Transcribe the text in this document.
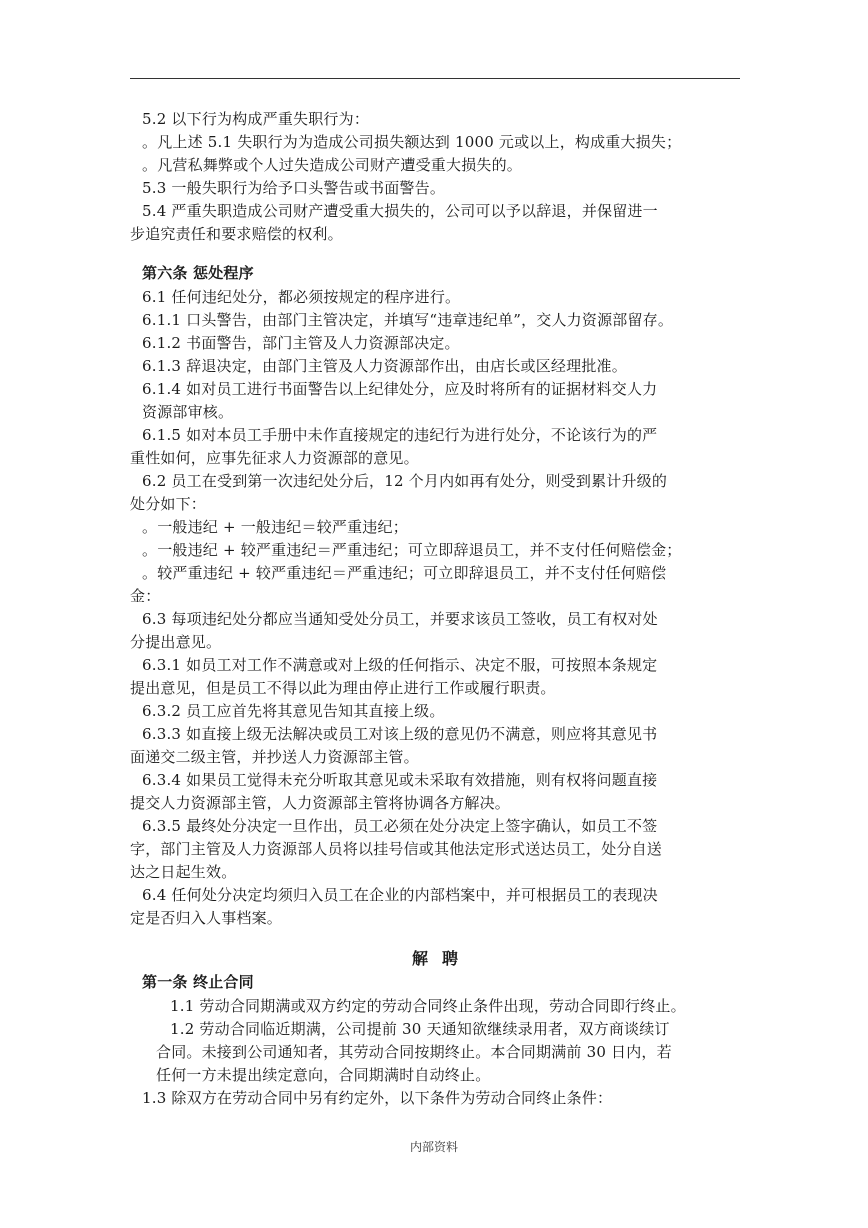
5.2 以下行为构成严重失职行为：
。凡上述 5.1 失职行为为造成公司损失额达到 1000 元或以上，构成重大损失；
。凡营私舞弊或个人过失造成公司财产遭受重大损失的。
5.3 一般失职行为给予口头警告或书面警告。
5.4 严重失职造成公司财产遭受重大损失的，公司可以予以辞退，并保留进一
步追究责任和要求赔偿的权利。
第六条 惩处程序
6.1 任何违纪处分，都必须按规定的程序进行。
6.1.1 口头警告，由部门主管决定，并填写“违章违纪单”，交人力资源部留存。
6.1.2 书面警告，部门主管及人力资源部决定。
6.1.3 辞退决定，由部门主管及人力资源部作出，由店长或区经理批准。
6.1.4 如对员工进行书面警告以上纪律处分，应及时将所有的证据材料交人力
资源部审核。
6.1.5 如对本员工手册中未作直接规定的违纪行为进行处分，不论该行为的严
重性如何，应事先征求人力资源部的意见。
6.2 员工在受到第一次违纪处分后，12 个月内如再有处分，则受到累计升级的
处分如下：
。一般违纪 + 一般违纪＝较严重违纪；
。一般违纪 + 较严重违纪＝严重违纪；可立即辞退员工，并不支付任何赔偿金；
。较严重违纪 + 较严重违纪＝严重违纪；可立即辞退员工，并不支付任何赔偿
金：
6.3 每项违纪处分都应当通知受处分员工，并要求该员工签收，员工有权对处
分提出意见。
6.3.1 如员工对工作不满意或对上级的任何指示、决定不服，可按照本条规定
提出意见，但是员工不得以此为理由停止进行工作或履行职责。
6.3.2 员工应首先将其意见告知其直接上级。
6.3.3 如直接上级无法解决或员工对该上级的意见仍不满意，则应将其意见书
面递交二级主管，并抄送人力资源部主管。
6.3.4 如果员工觉得未充分听取其意见或未采取有效措施，则有权将问题直接
提交人力资源部主管，人力资源部主管将协调各方解决。
6.3.5 最终处分决定一旦作出，员工必须在处分决定上签字确认，如员工不签
字，部门主管及人力资源部人员将以挂号信或其他法定形式送达员工，处分自送
达之日起生效。
6.4 任何处分决定均须归入员工在企业的内部档案中，并可根据员工的表现决
定是否归入人事档案。
解聘
第一条 终止合同
1.1 劳动合同期满或双方约定的劳动合同终止条件出现，劳动合同即行终止。
1.2 劳动合同临近期满，公司提前 30 天通知欲继续录用者，双方商谈续订
合同。未接到公司通知者，其劳动合同按期终止。本合同期满前 30 日内，若
任何一方未提出续定意向，合同期满时自动终止。
1.3 除双方在劳动合同中另有约定外，以下条件为劳动合同终止条件：
内部资料
